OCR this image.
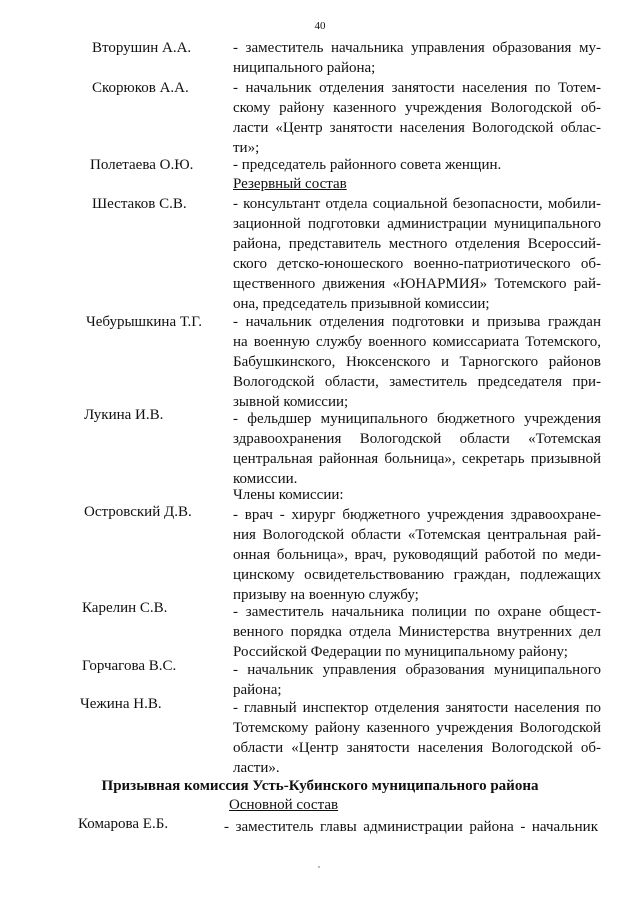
40
Вторушин А.А.	- заместитель начальника управления образования му-
ниципального района;
Скорюков А.А.	- начальник отделения занятости населения по Тотем-
скому району казенного учреждения Вологодской об-
ласти «Центр занятости населения Вологодской облас-
ти»;
Полетаева О.Ю.	- председатель районного совета женщин.
Резервный состав
Шестаков С.В.	- консультант отдела социальной безопасности, мобили-
зационной подготовки администрации муниципального
района, представитель местного отделения Всероссий-
ского детско-юношеского военно-патриотического об-
щественного движения «ЮНАРМИЯ» Тотемского рай-
она, председатель призывной комиссии;
Чебурышкина Т.Г. - начальник отделения подготовки и призыва граждан
на военную службу военного комиссариата Тотемского,
Бабушкинского, Нюксенского и Тарногского районов
Вологодской области, заместитель председателя при-
зывной комиссии;
Лукина И.В.	- фельдшер муниципального бюджетного учреждения
здравоохранения Вологодской области «Тотемская
центральная районная больница», секретарь призывной
комиссии.
Члены комиссии:
Островский Д.В.	- врач - хирург бюджетного учреждения здравоохране-
ния Вологодской области «Тотемская центральная рай-
онная больница», врач, руководящий работой по меди-
цинскому освидетельствованию граждан, подлежащих
призыву на военную службу;
Карелин С.В.	- заместитель начальника полиции по охране общест-
венного порядка отдела Министерства внутренних дел
Российской Федерации по муниципальному району;
Горчагова В.С.	- начальник управления образования муниципального
района;
Чежина Н.В.	- главный инспектор отделения занятости населения по
Тотемскому району казенного учреждения Вологодской
области «Центр занятости населения Вологодской об-
ласти».
Призывная комиссия Усть-Кубинского муниципального района
Основной состав
Комарова Е.Б.	- заместитель главы администрации района - начальник
